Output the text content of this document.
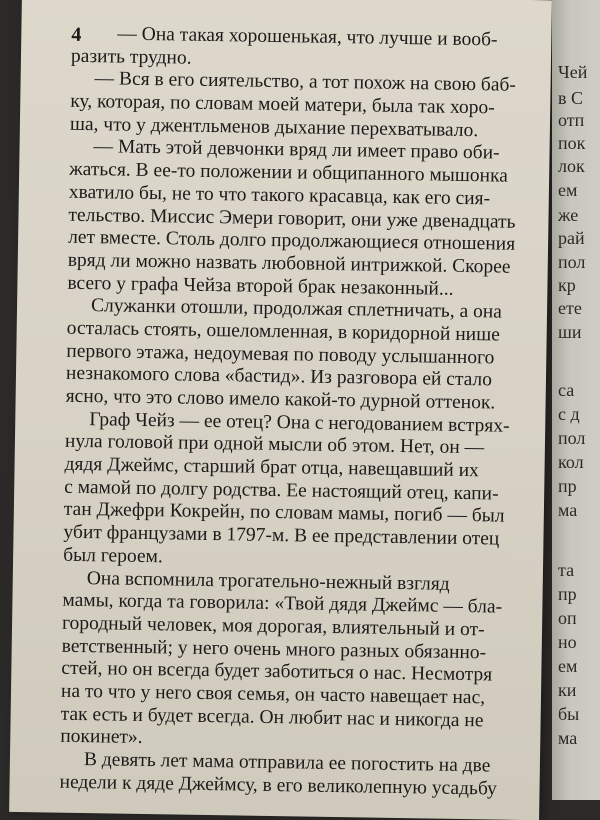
4	— Она такая хорошенькая, что лучше и вооб-
разить трудно.
— Вся в его сиятельство, а тот похож на свою баб-
ку, которая, по словам моей матери, была так хоро-
ша, что у джентльменов дыхание перехватывало.
— Мать этой девчонки вряд ли имеет право оби-
жаться. В ее-то положении и общипанного мышонка
хватило бы, не то что такого красавца, как его сия-
тельство. Миссис Эмери говорит, они уже двенадцать
лет вместе. Столь долго продолжающиеся отношения
вряд ли можно назвать любовной интрижкой. Скорее
всего у графа Чейза второй брак незаконный...
Служанки отошли, продолжая сплетничать, а она
осталась стоять, ошеломленная, в коридорной нише
первого этажа, недоумевая по поводу услышанного
незнакомого слова «бастид». Из разговора ей стало
ясно, что это слово имело какой-то дурной оттенок.
Граф Чейз — ее отец? Она с негодованием встрях-
нула головой при одной мысли об этом. Нет, он —
дядя Джеймс, старший брат отца, навещавший их
с мамой по долгу родства. Ее настоящий отец, капи-
тан Джефри Кокрейн, по словам мамы, погиб — был
убит французами в 1797-м. В ее представлении отец
был героем.
Она вспомнила трогательно-нежный взгляд
мамы, когда та говорила: «Твой дядя Джеймс — бла-
городный человек, моя дорогая, влиятельный и от-
ветственный; у него очень много разных обязанно-
стей, но он всегда будет заботиться о нас. Несмотря
на то что у него своя семья, он часто навещает нас,
так есть и будет всегда. Он любит нас и никогда не
покинет».
В девять лет мама отправила ее погостить на две
недели к дяде Джеймсу, в его великолепную усадьбу
Чей
в С
отп
пок
лок
ем
же
рай
пол
кр
ете
ши
са
с д
пол
кол
пр
ма
та
пр
оп
но
ем
ки
бы
ма
